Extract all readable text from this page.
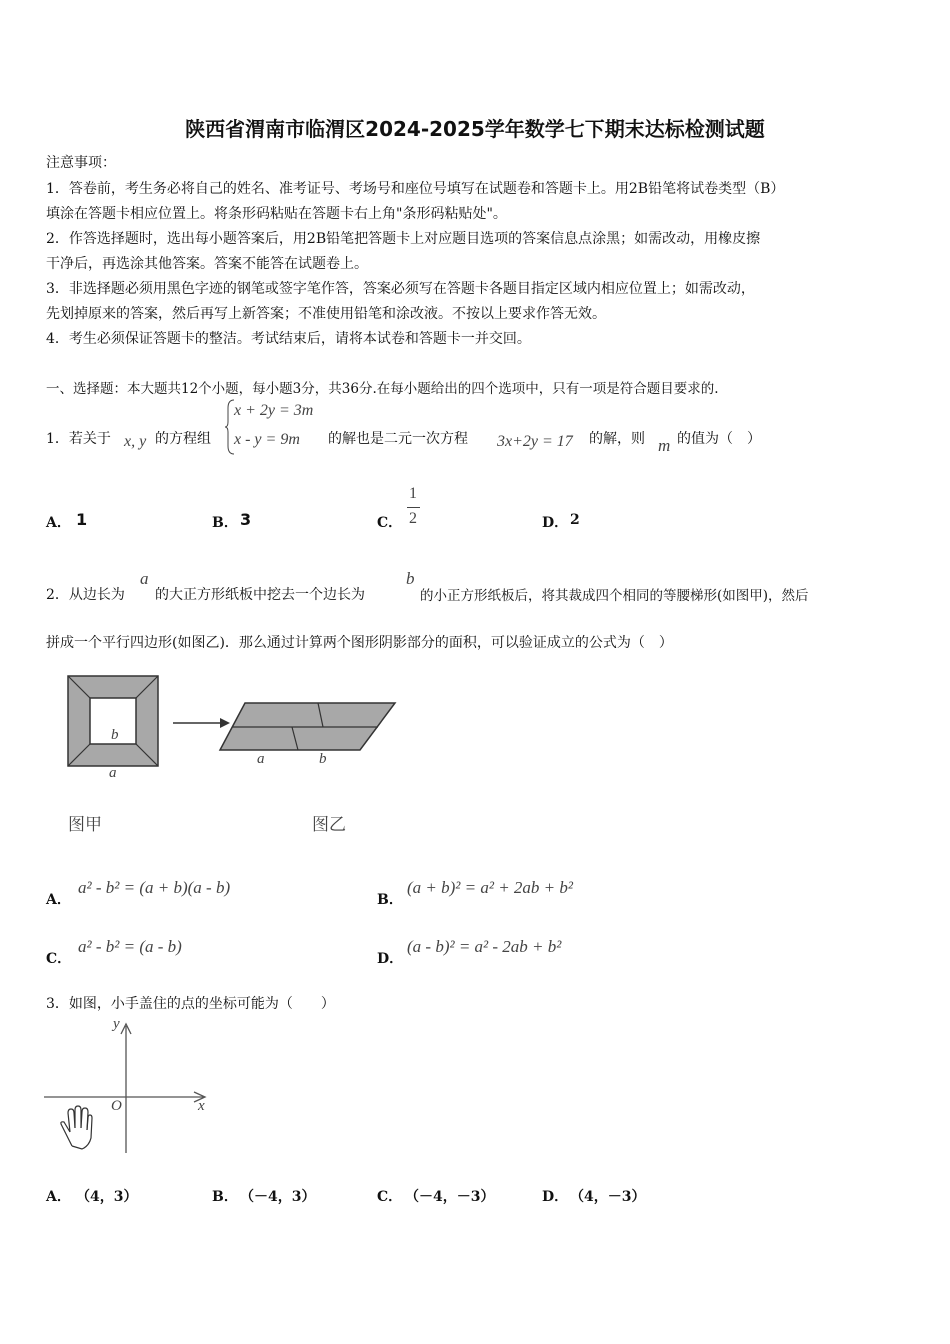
陕西省渭南市临渭区2024-2025学年数学七下期末达标检测试题
注意事项：
1．答卷前，考生务必将自己的姓名、准考证号、考场号和座位号填写在试题卷和答题卡上。用2B铅笔将试卷类型（B）
填涂在答题卡相应位置上。将条形码粘贴在答题卡右上角"条形码粘贴处"。
2．作答选择题时，选出每小题答案后，用2B铅笔把答题卡上对应题目选项的答案信息点涂黑；如需改动，用橡皮擦
干净后，再选涂其他答案。答案不能答在试题卷上。
3．非选择题必须用黑色字迹的钢笔或签字笔作答，答案必须写在答题卡各题目指定区域内相应位置上；如需改动，
先划掉原来的答案，然后再写上新答案；不准使用铅笔和涂改液。不按以上要求作答无效。
4．考生必须保证答题卡的整洁。考试结束后，请将本试卷和答题卡一并交回。
一、选择题：本大题共12个小题，每小题3分，共36分.在每小题给出的四个选项中，只有一项是符合题目要求的.
1．若关于 x, y 的方程组
x + 2y = 3m
x - y = 9m 的解也是二元一次方程 3x+2y = 17 的解，则 m 的值为（　）
A． 1	B． 3	C．
1
2	D． 2
2．从边长为
a
的大正方形纸板中挖去一个边长为
b
的小正方形纸板后，将其裁成四个相同的等腰梯形(如图甲)，然后
拼成一个平行四边形(如图乙)．那么通过计算两个图形阴影部分的面积，可以验证成立的公式为（　）
b
a
a	b
图甲	图乙
A．
a² - b² = (a + b)(a - b)
B．
(a + b)² = a² + 2ab + b²
C．
a² - b² = (a - b)
D．
(a - b)² = a² - 2ab + b²
3．如图，小手盖住的点的坐标可能为（　　）
y
x
O
A． （4，3）	B． （－4，3）	C． （－4，－3）	D． （4，－3）
